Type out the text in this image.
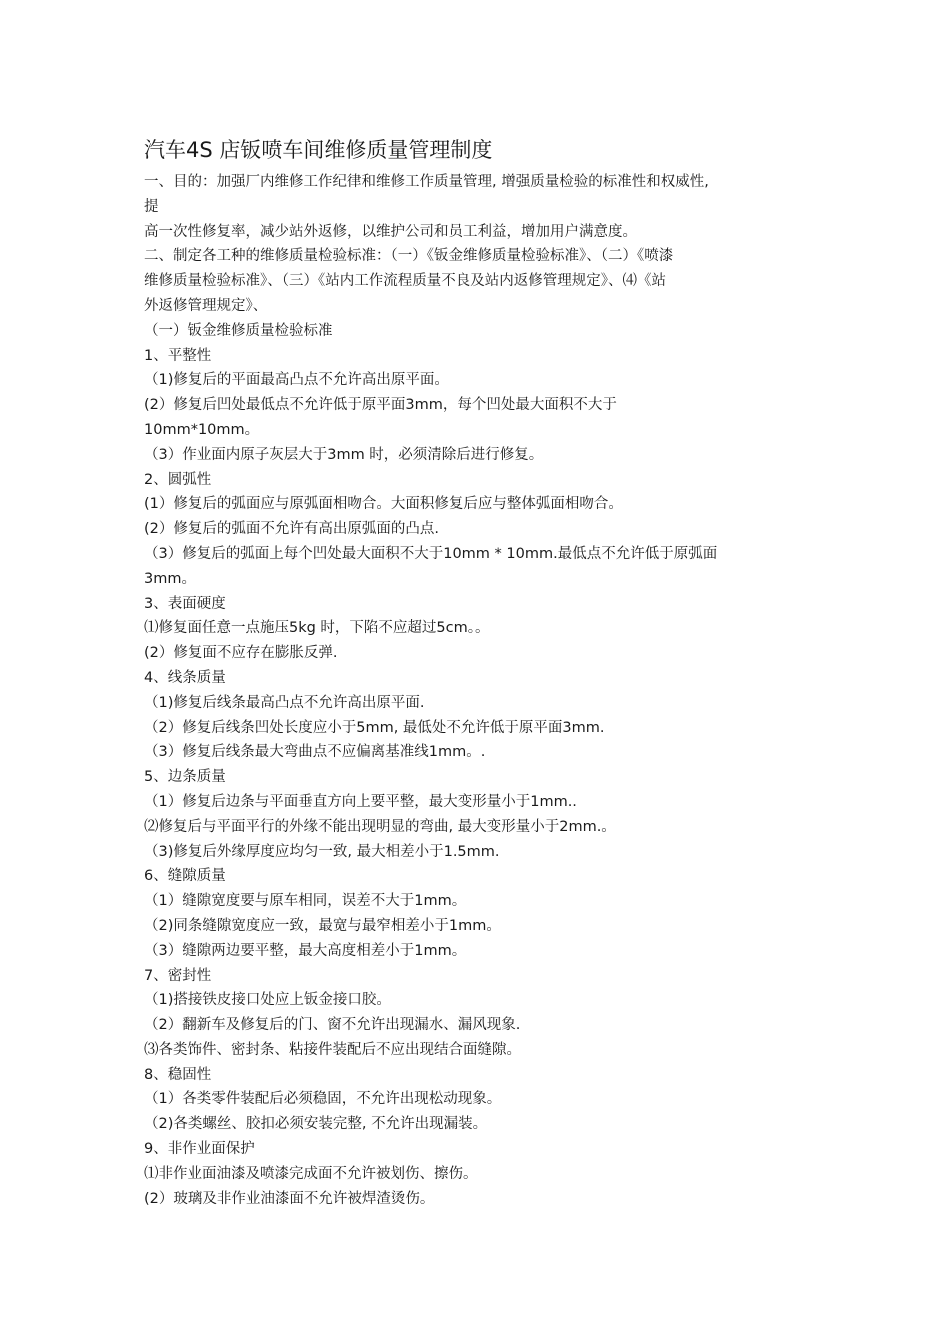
汽车4S 店钣喷车间维修质量管理制度
一、目的：加强厂内维修工作纪律和维修工作质量管理, 增强质量检验的标准性和权威性,
提
高一次性修复率，减少站外返修，以维护公司和员工利益，增加用户满意度。
二、制定各工种的维修质量检验标准：（一）《钣金维修质量检验标准》、（二）《喷漆
维修质量检验标准》、（三）《站内工作流程质量不良及站内返修管理规定》、⑷《站
外返修管理规定》、
（一）钣金维修质量检验标准
1、平整性
（1)修复后的平面最高凸点不允许高出原平面。
(2）修复后凹处最低点不允许低于原平面3mm，每个凹处最大面积不大于
10mm*10mm。
（3）作业面内原子灰层大于3mm 时，必须清除后进行修复。
2、圆弧性
(1）修复后的弧面应与原弧面相吻合。大面积修复后应与整体弧面相吻合。
(2）修复后的弧面不允许有高出原弧面的凸点.
（3）修复后的弧面上每个凹处最大面积不大于10mm * 10mm.最低点不允许低于原弧面
3mm。
3、表面硬度
⑴修复面任意一点施压5kg 时，下陷不应超过5cm。。
(2）修复面不应存在膨胀反弹.
4、线条质量
（1)修复后线条最高凸点不允许高出原平面.
（2）修复后线条凹处长度应小于5mm, 最低处不允许低于原平面3mm.
（3）修复后线条最大弯曲点不应偏离基准线1mm。.
5、边条质量
（1）修复后边条与平面垂直方向上要平整，最大变形量小于1mm..
⑵修复后与平面平行的外缘不能出现明显的弯曲, 最大变形量小于2mm.。
（3)修复后外缘厚度应均匀一致, 最大相差小于1.5mm.
6、缝隙质量
（1）缝隙宽度要与原车相同，误差不大于1mm。
（2)同条缝隙宽度应一致，最宽与最窄相差小于1mm。
（3）缝隙两边要平整，最大高度相差小于1mm。
7、密封性
（1)搭接铁皮接口处应上钣金接口胶。
（2）翻新车及修复后的门、窗不允许出现漏水、漏风现象.
⑶各类饰件、密封条、粘接件装配后不应出现结合面缝隙。
8、稳固性
（1）各类零件装配后必须稳固，不允许出现松动现象。
（2)各类螺丝、胶扣必须安装完整, 不允许出现漏装。
9、非作业面保护
⑴非作业面油漆及喷漆完成面不允许被划伤、擦伤。
(2）玻璃及非作业油漆面不允许被焊渣烫伤。
